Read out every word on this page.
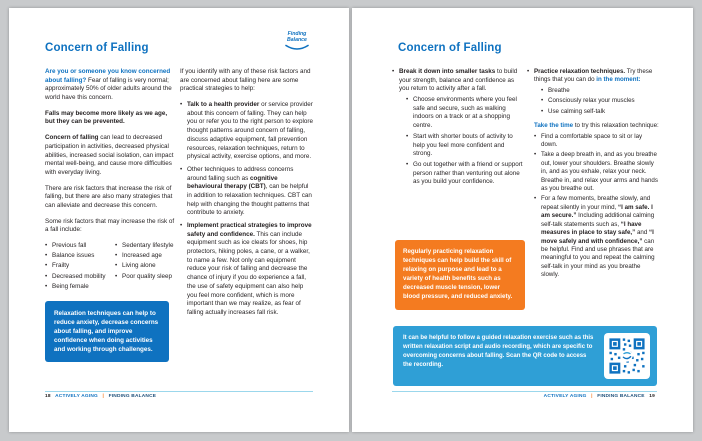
Concern of Falling
Finding Balance

Are you or someone you know concerned about falling? Fear of falling is very normal; approximately 50% of older adults around the world have this concern.

Falls may become more likely as we age, but they can be prevented.

Concern of falling can lead to decreased participation in activities, decreased physical abilities, increased social isolation, can impact mental well-being, and cause more difficulties with everyday living.

There are risk factors that increase the risk of falling, but there are also many strategies that can alleviate and decrease this concern.

Some risk factors that may increase the risk of a fall include:

• Previous fall
• Balance issues
• Frailty
• Decreased mobility
• Being female
• Sedentary lifestyle
• Increased age
• Living alone
• Poor quality sleep
Relaxation techniques can help to reduce anxiety, decrease concerns about falling, and improve confidence when doing activities and working through challenges.

If you identify with any of these risk factors and are concerned about falling here are some practical strategies to help:

• Talk to a health provider or service provider about this concern of falling. They can help you or refer you to the right person to explore thought patterns around concern of falling, discuss adaptive equipment, fall prevention resources, relaxation techniques, return to physical activity, exercise options, and more.
• Other techniques to address concerns around falling such as cognitive behavioural therapy (CBT), can be helpful in addition to relaxation techniques. CBT can help with changing the thought patterns that contribute to anxiety.
• Implement practical strategies to improve safety and confidence. This can include equipment such as ice cleats for shoes, hip protectors, hiking poles, a cane, or a walker, to name a few. Not only can equipment reduce your risk of falling and decrease the chance of injury if you do experience a fall, the use of safety equipment can also help you feel more confident, which is more important than we may realize, as fear of falling actually increases fall risk.
18 ACTIVELY AGING | FINDING BALANCE
Concern of Falling
• Break it down into smaller tasks to build your strength, balance and confidence as you return to activity after a fall.
• Choose environments where you feel safe and secure, such as walking indoors on a track or at a shopping centre.
• Start with shorter bouts of activity to help you feel more confident and strong.
• Go out together with a friend or support person rather than venturing out alone as you build your confidence.
Regularly practicing relaxation techniques can help build the skill of relaxing on purpose and lead to a variety of health benefits such as decreased muscle tension, lower blood pressure, and reduced anxiety.
• Practice relaxation techniques. Try these things that you can do in the moment:
• Breathe
• Consciously relax your muscles
• Use calming self-talk

Take the time to try this relaxation technique:

• Find a comfortable space to sit or lay down.
• Take a deep breath in, and as you breathe out, lower your shoulders. Breathe slowly in, and as you exhale, relax your neck. Breathe in, and relax your arms and hands as you breathe out.
• For a few moments, breathe slowly, and repeat silently in your mind, “I am safe. I am secure.” Including additional calming self-talk statements such as, “I have measures in place to stay safe,” and “I move safely and with confidence,” can be helpful. Find and use phrases that are meaningful to you and repeat the calming self-talk in your mind as you breathe slowly.
It can be helpful to follow a guided relaxation exercise such as this written relaxation script and audio recording, which are specific to overcoming concerns about falling. Scan the QR code to access the recording.
ACTIVELY AGING | FINDING BALANCE 19
